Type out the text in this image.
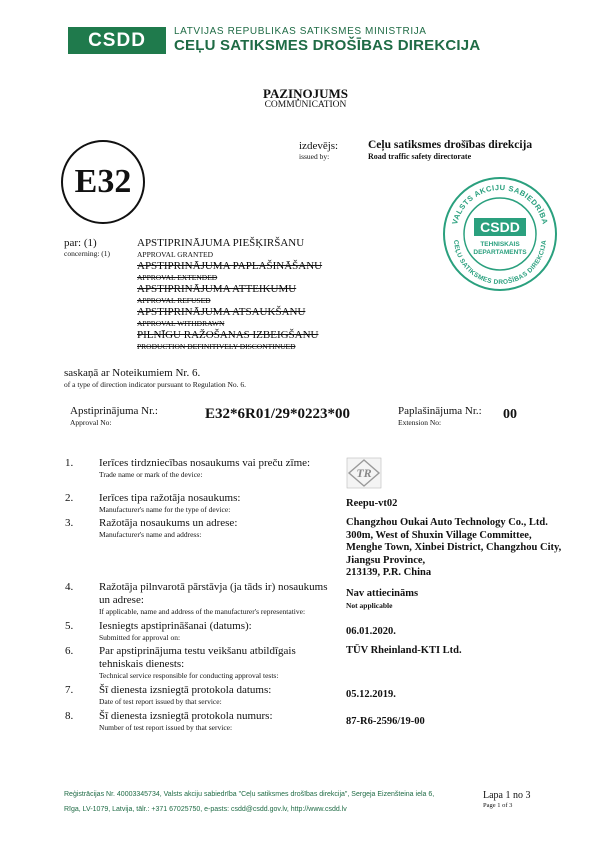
CSDD	LATVIJAS REPUBLIKAS SATIKSMES MINISTRIJA
CEĻU SATIKSMES DROŠĪBAS DIREKCIJA
PAZIŅOJUMS
COMMUNICATION
izdevējs:
issued by:
Ceļu satiksmes drošības direkcija
Road traffic safety directorate
E32
VALSTS AKCIJU SABIEDRĪBA
CEĻU SATIKSMES DROŠĪBAS DIREKCIJA
CSDD
TEHNISKAIS
DEPARTAMENTS
par: (1)
concerning: (1)
APSTIPRINĀJUMA PIEŠĶIRŠANU
APPROVAL GRANTED
APSTIPRINĀJUMA PAPLAŠINĀŠANU
APPROVAL EXTENDED
APSTIPRINĀJUMA ATTEIKUMU
APPROVAL REFUSED
APSTIPRINĀJUMA ATSAUKŠANU
APPROVAL WITHDRAWN
PILNĪGU RAŽOŠANAS IZBEIGŠANU
PRODUCTION DEFINITIVELY DISCONTINUED
saskaņā ar Noteikumiem Nr. 6.
of a type of direction indicator pursuant to Regulation No. 6.
Apstiprinājuma Nr.:
Approval No:
E32*6R01/29*0223*00	Paplašinājuma Nr.:
Extension No:
00
1. Ierīces tirdzniecības nosaukums vai preču zīme:
Trade name or mark of the device:	TR
2. Ierīces tipa ražotāja nosaukums:
Manufacturer's name for the type of device:
Reepu-vt02
3. Ražotāja nosaukums un adrese:
Manufacturer's name and address:
Changzhou Oukai Auto Technology Co., Ltd.
300m, West of Shuxin Village Committee,
Menghe Town, Xinbei District, Changzhou City,
Jiangsu Province,
213139, P.R. China
4. Ražotāja pilnvarotā pārstāvja (ja tāds ir) nosaukums un adrese:
If applicable, name and address of the manufacturer's representative:
Nav attiecināms
Not applicable
5. Iesniegts apstiprināšanai (datums):
Submitted for approval on:
06.01.2020.
6. Par apstiprinājuma testu veikšanu atbildīgais tehniskais dienests:
Technical service responsible for conducting approval tests:
TÜV Rheinland-KTI Ltd.
7. Šī dienesta izsniegtā protokola datums:
Date of test report issued by that service:
05.12.2019.
8. Šī dienesta izsniegtā protokola numurs:
Number of test report issued by that service:
87-R6-2596/19-00
Reģistrācijas Nr. 40003345734, Valsts akciju sabiedrība "Ceļu satiksmes drošības direkcija", Sergeja Eizenšteina iela 6,
Rīga, LV-1079, Latvija, tālr.: +371 67025750, e-pasts: csdd@csdd.gov.lv, http://www.csdd.lv
Lapa 1 no 3
Page 1 of 3
